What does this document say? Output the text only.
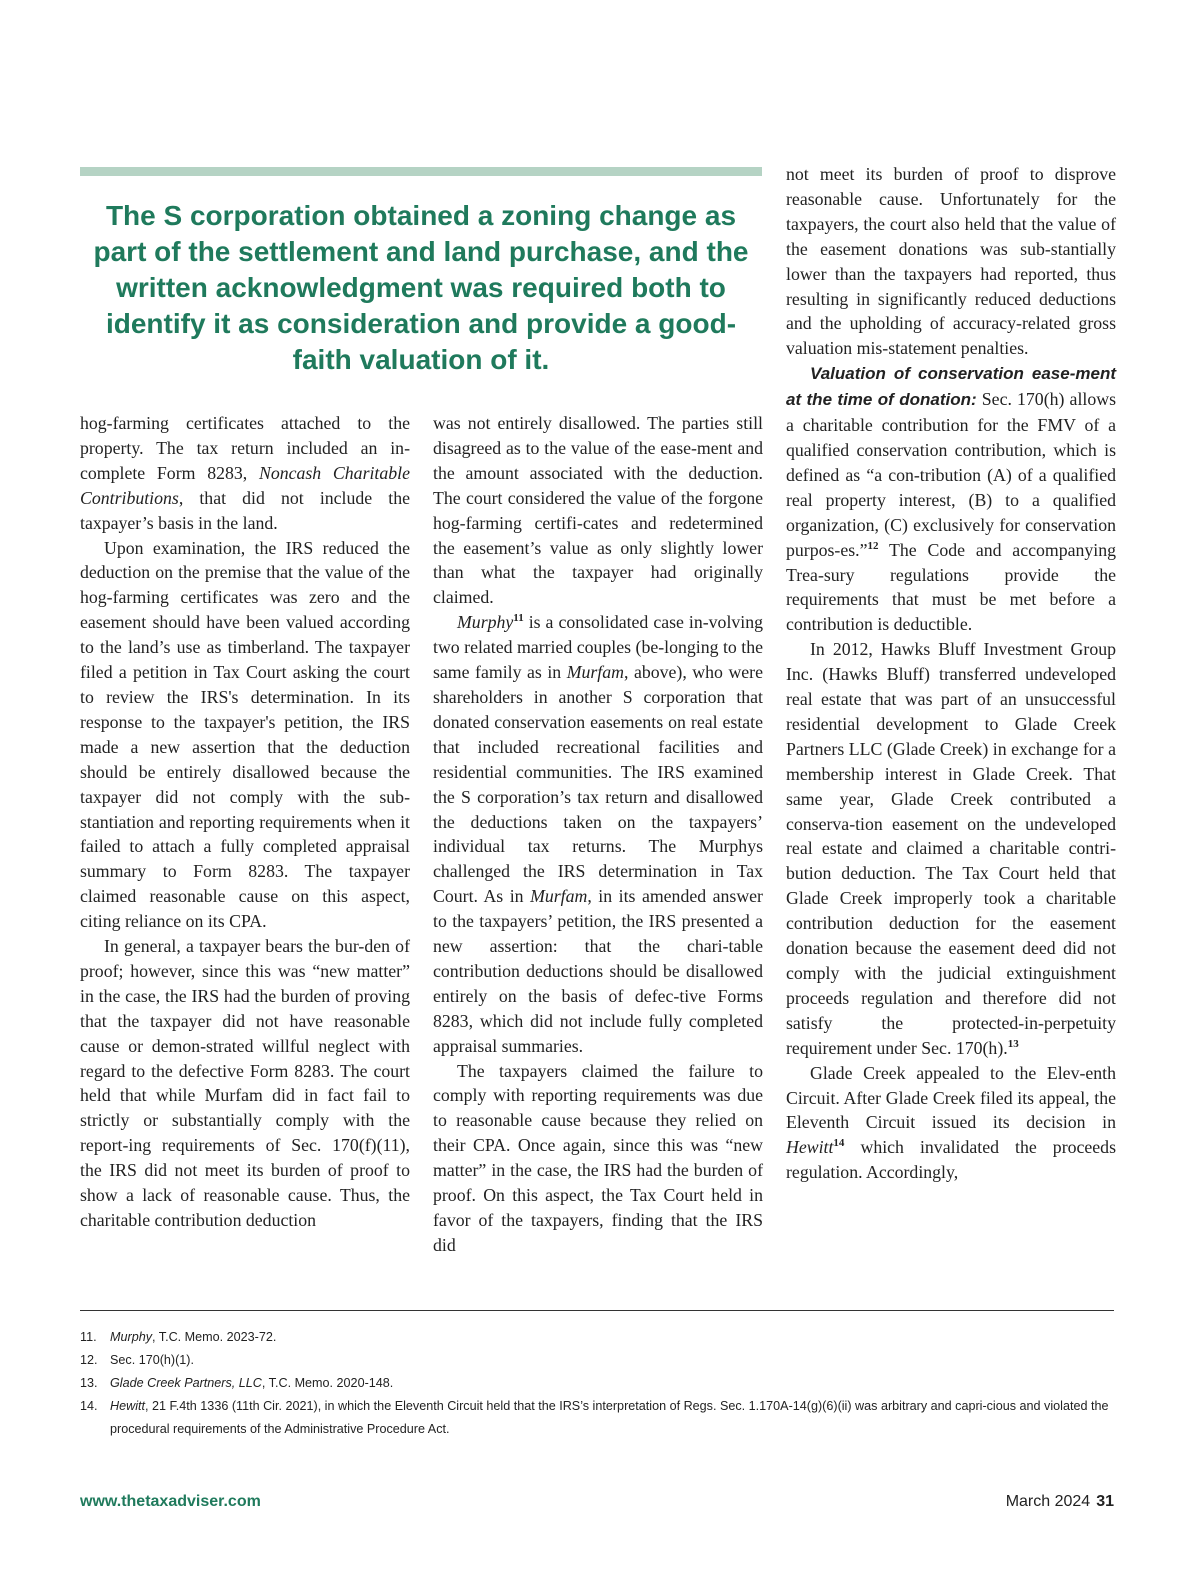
The S corporation obtained a zoning change as part of the settlement and land purchase, and the written acknowledgment was required both to identify it as consideration and provide a good-faith valuation of it.

hog-farming certificates attached to the property. The tax return included an in-complete Form 8283, Noncash Charitable Contributions, that did not include the taxpayer’s basis in the land.

Upon examination, the IRS reduced the deduction on the premise that the value of the hog-farming certificates was zero and the easement should have been valued according to the land’s use as timberland. The taxpayer filed a petition in Tax Court asking the court to review the IRS's determination. In its response to the taxpayer's petition, the IRS made a new assertion that the deduction should be entirely disallowed because the taxpayer did not comply with the sub-stantiation and reporting requirements when it failed to attach a fully completed appraisal summary to Form 8283. The taxpayer claimed reasonable cause on this aspect, citing reliance on its CPA.

In general, a taxpayer bears the bur-den of proof; however, since this was “new matter” in the case, the IRS had the burden of proving that the taxpayer did not have reasonable cause or demon-strated willful neglect with regard to the defective Form 8283. The court held that while Murfam did in fact fail to strictly or substantially comply with the report-ing requirements of Sec. 170(f)(11), the IRS did not meet its burden of proof to show a lack of reasonable cause. Thus, the charitable contribution deduction

was not entirely disallowed. The parties still disagreed as to the value of the ease-ment and the amount associated with the deduction. The court considered the value of the forgone hog-farming certifi-cates and redetermined the easement’s value as only slightly lower than what the taxpayer had originally claimed.

Murphy$^{11}$ is a consolidated case in-volving two related married couples (be-longing to the same family as in Murfam, above), who were shareholders in another S corporation that donated conservation easements on real estate that included recreational facilities and residential communities. The IRS examined the S corporation’s tax return and disallowed the deductions taken on the taxpayers’ individual tax returns. The Murphys challenged the IRS determination in Tax Court. As in Murfam, in its amended answer to the taxpayers’ petition, the IRS presented a new assertion: that the chari-table contribution deductions should be disallowed entirely on the basis of defec-tive Forms 8283, which did not include fully completed appraisal summaries.

The taxpayers claimed the failure to comply with reporting requirements was due to reasonable cause because they relied on their CPA. Once again, since this was “new matter” in the case, the IRS had the burden of proof. On this aspect, the Tax Court held in favor of the taxpayers, finding that the IRS did

not meet its burden of proof to disprove reasonable cause. Unfortunately for the taxpayers, the court also held that the value of the easement donations was sub-stantially lower than the taxpayers had reported, thus resulting in significantly reduced deductions and the upholding of accuracy-related gross valuation mis-statement penalties.

Valuation of conservation ease-ment at the time of donation: Sec. 170(h) allows a charitable contribution for the FMV of a qualified conservation contribution, which is defined as “a con-tribution (A) of a qualified real property interest, (B) to a qualified organization, (C) exclusively for conservation purpos-es.”$^{12}$ The Code and accompanying Trea-sury regulations provide the requirements that must be met before a contribution is deductible.

In 2012, Hawks Bluff Investment Group Inc. (Hawks Bluff) transferred undeveloped real estate that was part of an unsuccessful residential development to Glade Creek Partners LLC (Glade Creek) in exchange for a membership interest in Glade Creek. That same year, Glade Creek contributed a conserva-tion easement on the undeveloped real estate and claimed a charitable contri-bution deduction. The Tax Court held that Glade Creek improperly took a charitable contribution deduction for the easement donation because the easement deed did not comply with the judicial extinguishment proceeds regulation and therefore did not satisfy the protected-in-perpetuity requirement under Sec. 170(h).$^{13}$

Glade Creek appealed to the Elev-enth Circuit. After Glade Creek filed its appeal, the Eleventh Circuit issued its decision in Hewitt$^{14}$ which invalidated the proceeds regulation. Accordingly,

11.	Murphy, T.C. Memo. 2023-72.
12. Sec. 170(h)(1).
13. Glade Creek Partners, LLC, T.C. Memo. 2020-148.
14. Hewitt, 21 F.4th 1336 (11th Cir. 2021), in which the Eleventh Circuit held that the IRS’s interpretation of Regs. Sec. 1.170A-14(g)(6)(ii) was arbitrary and capri-cious and violated the procedural requirements of the Administrative Procedure Act.
www.thetaxadviser.com	March 2024 31
